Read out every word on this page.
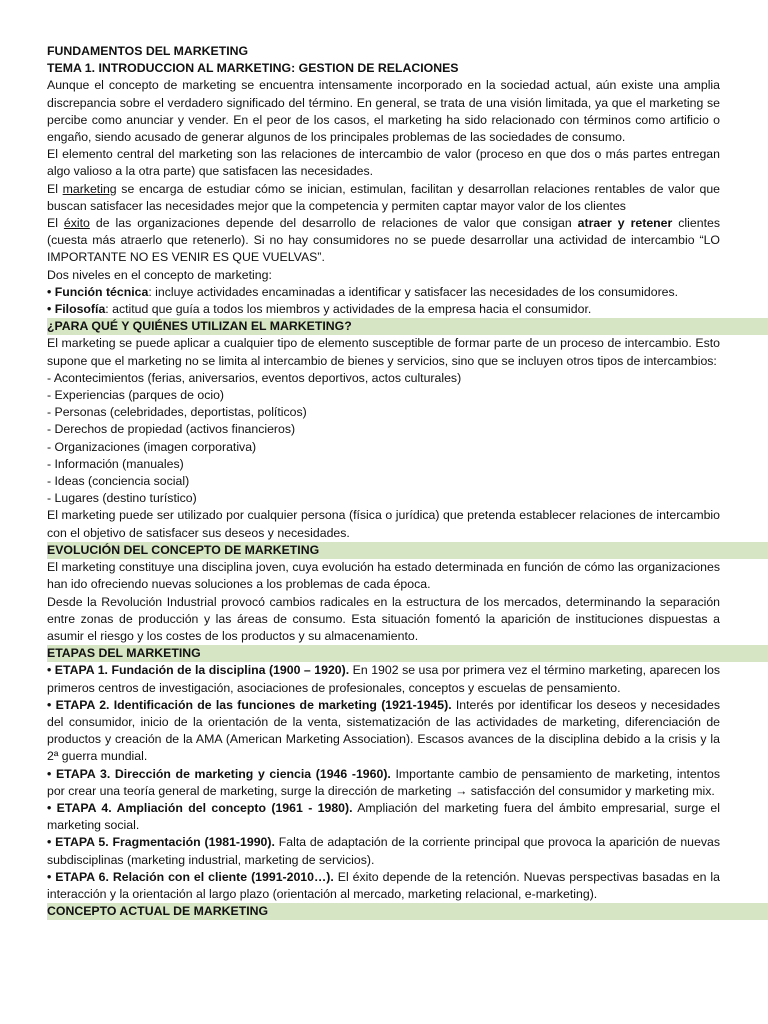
FUNDAMENTOS DEL MARKETING

TEMA 1. INTRODUCCION AL MARKETING: GESTION DE RELACIONES

Aunque el concepto de marketing se encuentra intensamente incorporado en la sociedad actual, aún existe una amplia discrepancia sobre el verdadero significado del término. En general, se trata de una visión limitada, ya que el marketing se percibe como anunciar y vender. En el peor de los casos, el marketing ha sido relacionado con términos como artificio o engaño, siendo acusado de generar algunos de los principales problemas de las sociedades de consumo.

El elemento central del marketing son las relaciones de intercambio de valor (proceso en que dos o más partes entregan algo valioso a la otra parte) que satisfacen las necesidades.

El marketing se encarga de estudiar cómo se inician, estimulan, facilitan y desarrollan relaciones rentables de valor que buscan satisfacer las necesidades mejor que la competencia y permiten captar mayor valor de los clientes

El éxito de las organizaciones depende del desarrollo de relaciones de valor que consigan atraer y retener clientes (cuesta más atraerlo que retenerlo). Si no hay consumidores no se puede desarrollar una actividad de intercambio “LO IMPORTANTE NO ES VENIR ES QUE VUELVAS”.

Dos niveles en el concepto de marketing:

• Función técnica: incluye actividades encaminadas a identificar y satisfacer las necesidades de los consumidores.

• Filosofía: actitud que guía a todos los miembros y actividades de la empresa hacia el consumidor.

¿PARA QUÉ Y QUIÉNES UTILIZAN EL MARKETING?

El marketing se puede aplicar a cualquier tipo de elemento susceptible de formar parte de un proceso de intercambio. Esto supone que el marketing no se limita al intercambio de bienes y servicios, sino que se incluyen otros tipos de intercambios:

- Acontecimientos (ferias, aniversarios, eventos deportivos, actos culturales)

- Experiencias (parques de ocio)

- Personas (celebridades, deportistas, políticos)

- Derechos de propiedad (activos financieros)

- Organizaciones (imagen corporativa)

- Información (manuales)

- Ideas (conciencia social)

- Lugares (destino turístico)

El marketing puede ser utilizado por cualquier persona (física o jurídica) que pretenda establecer relaciones de intercambio con el objetivo de satisfacer sus deseos y necesidades.

EVOLUCIÓN DEL CONCEPTO DE MARKETING

El marketing constituye una disciplina joven, cuya evolución ha estado determinada en función de cómo las organizaciones han ido ofreciendo nuevas soluciones a los problemas de cada época.

Desde la Revolución Industrial provocó cambios radicales en la estructura de los mercados, determinando la separación entre zonas de producción y las áreas de consumo. Esta situación fomentó la aparición de instituciones dispuestas a asumir el riesgo y los costes de los productos y su almacenamiento.

ETAPAS DEL MARKETING

• ETAPA 1. Fundación de la disciplina (1900 – 1920). En 1902 se usa por primera vez el término marketing, aparecen los primeros centros de investigación, asociaciones de profesionales, conceptos y escuelas de pensamiento.

• ETAPA 2. Identificación de las funciones de marketing (1921-1945). Interés por identificar los deseos y necesidades del consumidor, inicio de la orientación de la venta, sistematización de las actividades de marketing, diferenciación de productos y creación de la AMA (American Marketing Association). Escasos avances de la disciplina debido a la crisis y la 2ª guerra mundial.

• ETAPA 3. Dirección de marketing y ciencia (1946 -1960). Importante cambio de pensamiento de marketing, intentos por crear una teoría general de marketing, surge la dirección de marketing → satisfacción del consumidor y marketing mix.

• ETAPA 4. Ampliación del concepto (1961 - 1980). Ampliación del marketing fuera del ámbito empresarial, surge el marketing social.

• ETAPA 5. Fragmentación (1981-1990). Falta de adaptación de la corriente principal que provoca la aparición de nuevas subdisciplinas (marketing industrial, marketing de servicios).

• ETAPA 6. Relación con el cliente (1991-2010…). El éxito depende de la retención. Nuevas perspectivas basadas en la interacción y la orientación al largo plazo (orientación al mercado, marketing relacional, e-marketing).

CONCEPTO ACTUAL DE MARKETING
